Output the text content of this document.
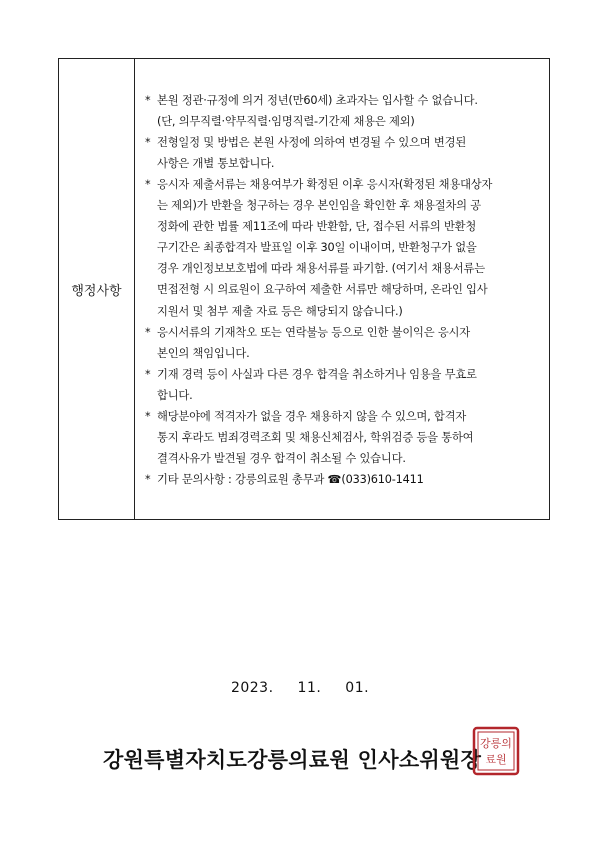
행정사항	
* 본원 정관·규정에 의거 정년(만60세) 초과자는 입사할 수 없습니다.
(단, 의무직렬·약무직렬·임명직렬-기간제 채용은 제외)
* 전형일정 및 방법은 본원 사정에 의하여 변경될 수 있으며 변경된
사항은 개별 통보합니다.
* 응시자 제출서류는 채용여부가 확정된 이후 응시자(확정된 채용대상자
는 제외)가 반환을 청구하는 경우 본인임을 확인한 후 채용절차의 공
정화에 관한 법률 제11조에 따라 반환함, 단, 접수된 서류의 반환청
구기간은 최종합격자 발표일 이후 30일 이내이며, 반환청구가 없을
경우 개인정보보호법에 따라 채용서류를 파기함. (여기서 채용서류는
면접전형 시 의료원이 요구하여 제출한 서류만 해당하며, 온라인 입사
지원서 및 첨부 제출 자료 등은 해당되지 않습니다.)
* 응시서류의 기재착오 또는 연락불능 등으로 인한 불이익은 응시자
본인의 책임입니다.
* 기재 경력 등이 사실과 다른 경우 합격을 취소하거나 임용을 무효로
합니다.
* 해당분야에 적격자가 없을 경우 채용하지 않을 수 있으며, 합격자
통지 후라도 범죄경력조회 및 채용신체검사, 학위검증 등을 통하여
결격사유가 발견될 경우 합격이 취소될 수 있습니다.
* 기타 문의사항 : 강릉의료원 총무과 ☎(033)610-1411
2023. 11. 01.
강원특별자치도강릉의료원 인사소위원장
강릉의
료원
